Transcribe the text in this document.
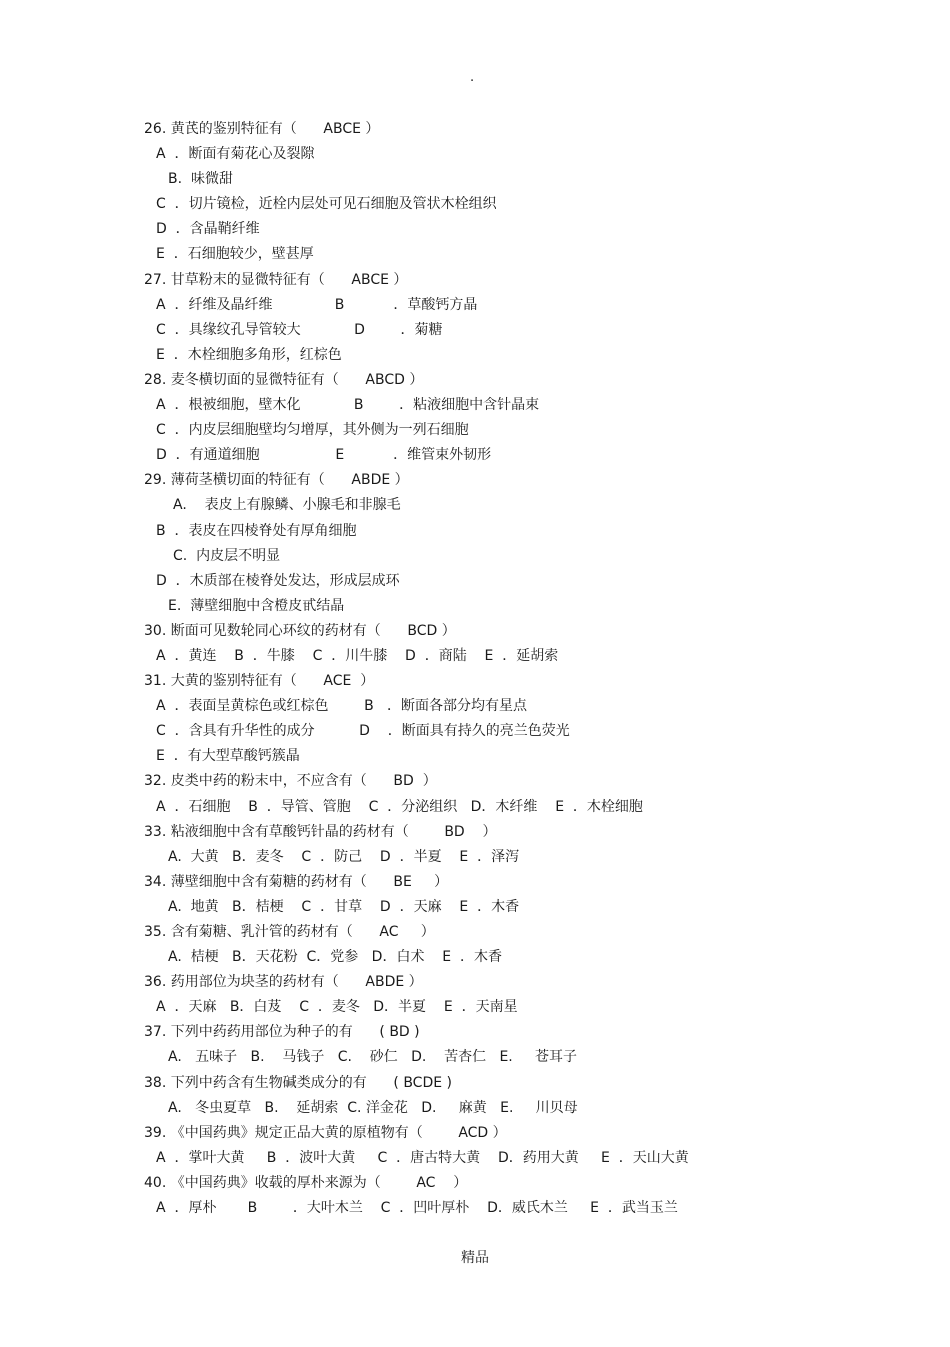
.
26. 黄芪的鉴别特征有（      ABCE ）
A  ．断面有菊花心及裂隙
B.  味微甜
C  ．切片镜检，近栓内层处可见石细胞及管状木栓组织
D  ．含晶鞘纤维
E  ．石细胞较少，壁甚厚
27. 甘草粉末的显微特征有（      ABCE ）
A  ．纤维及晶纤维              B           ．草酸钙方晶
C  ．具缘纹孔导管较大            D        ．菊糖
E  ．木栓细胞多角形，红棕色
28. 麦冬横切面的显微特征有（      ABCD ）
A  ．根被细胞，壁木化            B        ．粘液细胞中含针晶束
C  ．内皮层细胞壁均匀增厚，其外侧为一列石细胞
D  ．有通道细胞                 E           ．维管束外韧形
29. 薄荷茎横切面的特征有（      ABDE ）
A.    表皮上有腺鳞、小腺毛和非腺毛
B  ．表皮在四棱脊处有厚角细胞
C.  内皮层不明显
D  ．木质部在棱脊处发达，形成层成环
E.  薄壁细胞中含橙皮甙结晶
30. 断面可见数轮同心环纹的药材有（      BCD ）
A  ．黄连    B  ．牛膝    C  ．川牛膝    D  ．商陆    E  ．延胡索
31. 大黄的鉴别特征有（      ACE  ）
A  ．表面呈黄棕色或红棕色        B   ．断面各部分均有星点
C  ．含具有升华性的成分          D    ．断面具有持久的亮兰色荧光
E  ．有大型草酸钙簇晶
32. 皮类中药的粉末中，不应含有（      BD  ）
A  ．石细胞    B  ．导管、管胞    C  ．分泌组织   D．木纤维    E  ．木栓细胞
33. 粘液细胞中含有草酸钙针晶的药材有（        BD    ）
A.  大黄   B．麦冬    C  ．防己    D  ．半夏    E  ．泽泻
34. 薄壁细胞中含有菊糖的药材有（      BE     ）
A.  地黄   B．桔梗    C  ．甘草    D  ．天麻    E  ．木香
35. 含有菊糖、乳汁管的药材有（      AC     ）
A.  桔梗   B．天花粉  C．党参   D．白术    E  ．木香
36. 药用部位为块茎的药材有（      ABDE ）
A  ．天麻   B．白芨    C  ．麦冬   D．半夏    E  ．天南星
37. 下列中药药用部位为种子的有      ( BD )
A.   五味子   B.    马钱子   C.    砂仁   D.    苦杏仁   E.     苍耳子
38. 下列中药含有生物碱类成分的有      ( BCDE )
A.   冬虫夏草   B.    延胡索  C. 洋金花   D.     麻黄   E.     川贝母
39. 《中国药典》规定正品大黄的原植物有（        ACD ）
A  ．掌叶大黄     B  ．波叶大黄     C  ．唐古特大黄    D．药用大黄     E  ．天山大黄
40. 《中国药典》收载的厚朴来源为（        AC    ）
A  ．厚朴       B        ．大叶木兰    C  ．凹叶厚朴    D．威氏木兰     E  ．武当玉兰
精品
